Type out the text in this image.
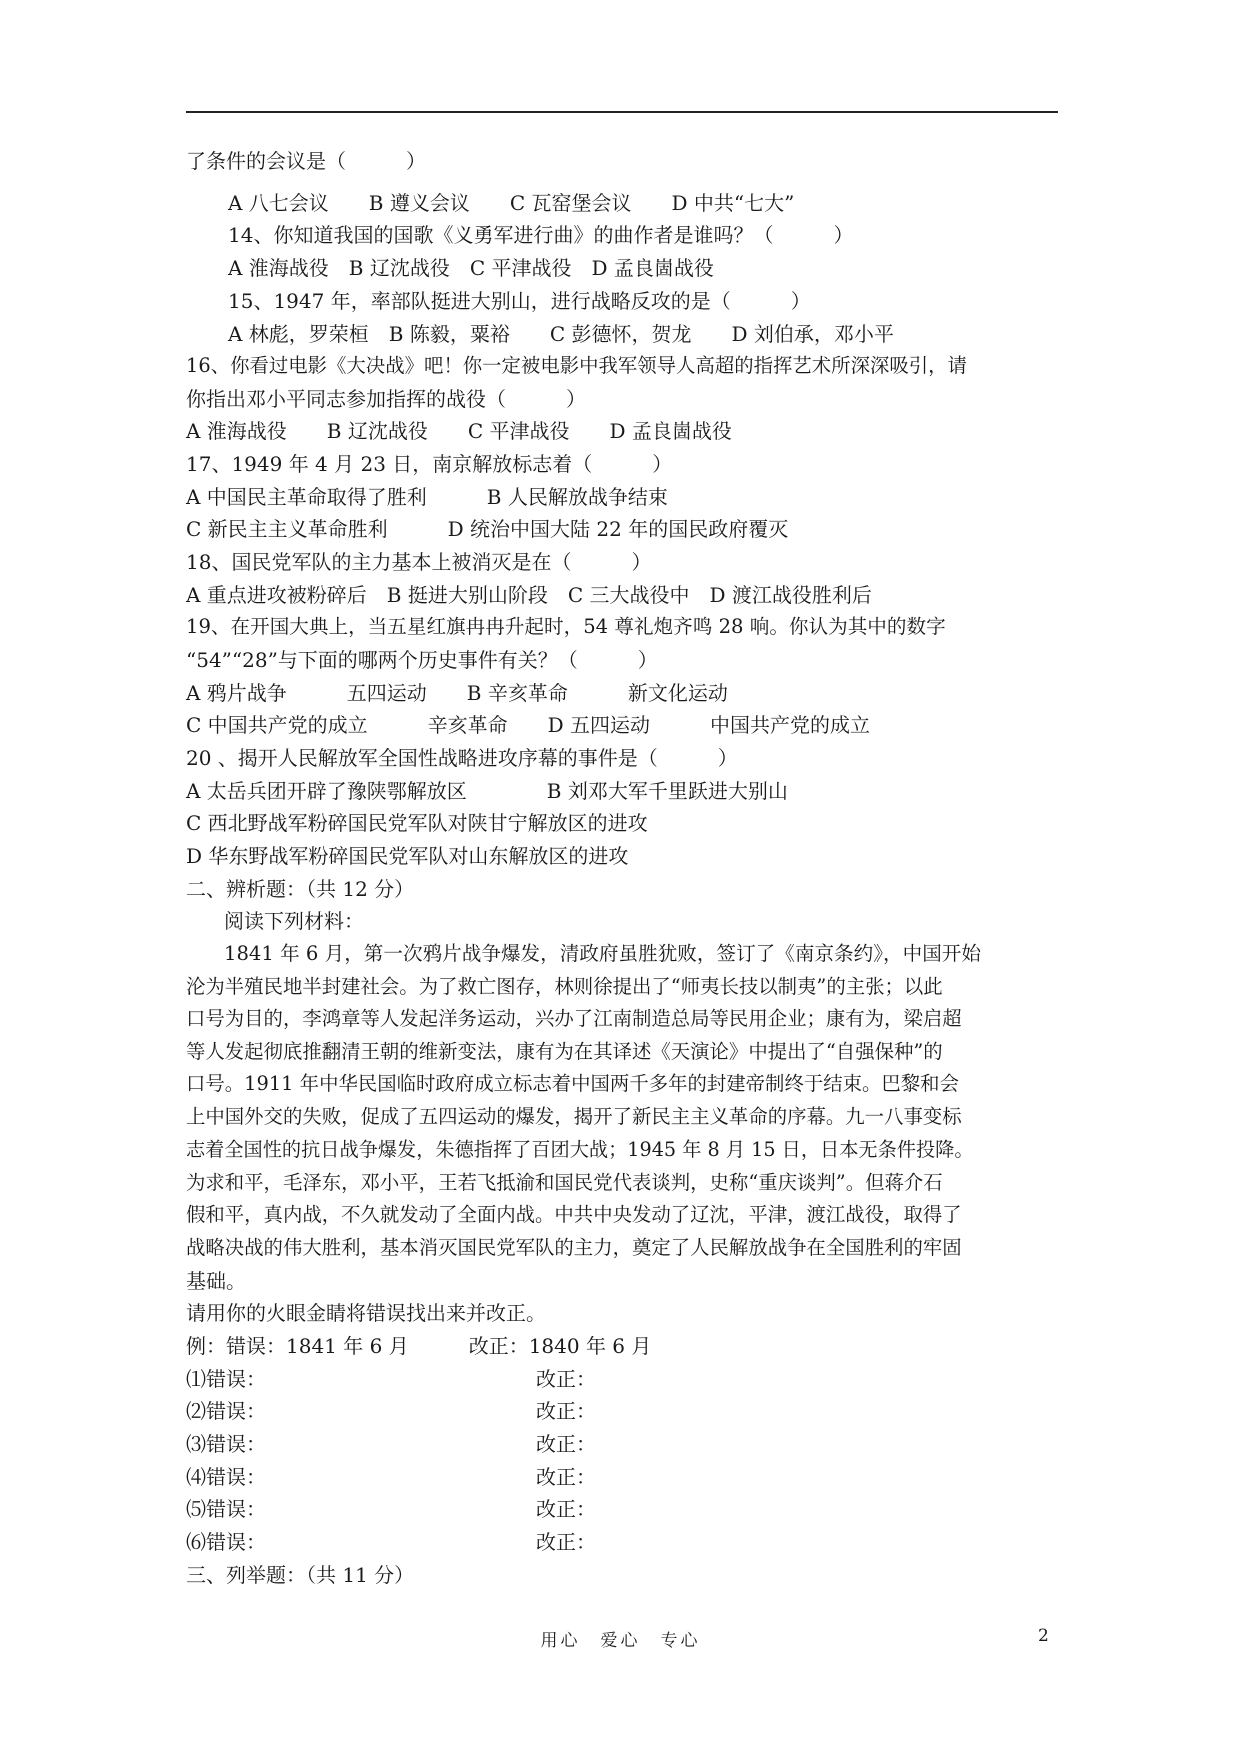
了条件的会议是（　　　）
A 八七会议　　B 遵义会议　　C 瓦窑堡会议　　D 中共“七大”
14、你知道我国的国歌《义勇军进行曲》的曲作者是谁吗？（　　　）
A 淮海战役　B 辽沈战役　C 平津战役　D 孟良崮战役
15、1947 年，率部队挺进大别山，进行战略反攻的是（　　　）
A 林彪，罗荣桓　B 陈毅，粟裕　　C 彭德怀，贺龙　　D 刘伯承，邓小平
16、你看过电影《大决战》吧！你一定被电影中我军领导人高超的指挥艺术所深深吸引，请
你指出邓小平同志参加指挥的战役（　　　）
A 淮海战役　　B 辽沈战役　　C 平津战役　　D 孟良崮战役
17、1949 年 4 月 23 日，南京解放标志着（　　　）
A 中国民主革命取得了胜利　　　B 人民解放战争结束
C 新民主主义革命胜利　　　D 统治中国大陆 22 年的国民政府覆灭
18、国民党军队的主力基本上被消灭是在（　　　）
A 重点进攻被粉碎后　B 挺进大别山阶段　C 三大战役中　D 渡江战役胜利后
19、在开国大典上，当五星红旗冉冉升起时，54 尊礼炮齐鸣 28 响。你认为其中的数字
“54”“28”与下面的哪两个历史事件有关？（　　　）
A 鸦片战争　　　五四运动　　B 辛亥革命　　　新文化运动
C 中国共产党的成立　　　辛亥革命　　D 五四运动　　　中国共产党的成立
20 、揭开人民解放军全国性战略进攻序幕的事件是（　　　）
A 太岳兵团开辟了豫陕鄂解放区　　　　B 刘邓大军千里跃进大别山
C 西北野战军粉碎国民党军队对陕甘宁解放区的进攻
D 华东野战军粉碎国民党军队对山东解放区的进攻
二、辨析题：（共 12 分）
阅读下列材料：
1841 年 6 月，第一次鸦片战争爆发，清政府虽胜犹败，签订了《南京条约》，中国开始
沦为半殖民地半封建社会。为了救亡图存，林则徐提出了“师夷长技以制夷”的主张；以此
口号为目的，李鸿章等人发起洋务运动，兴办了江南制造总局等民用企业；康有为，梁启超
等人发起彻底推翻清王朝的维新变法，康有为在其译述《天演论》中提出了“自强保种”的
口号。1911 年中华民国临时政府成立标志着中国两千多年的封建帝制终于结束。巴黎和会
上中国外交的失败，促成了五四运动的爆发，揭开了新民主主义革命的序幕。九一八事变标
志着全国性的抗日战争爆发，朱德指挥了百团大战；1945 年 8 月 15 日，日本无条件投降。
为求和平，毛泽东，邓小平，王若飞抵渝和国民党代表谈判，史称“重庆谈判”。但蒋介石
假和平，真内战，不久就发动了全面内战。中共中央发动了辽沈，平津，渡江战役，取得了
战略决战的伟大胜利，基本消灭国民党军队的主力，奠定了人民解放战争在全国胜利的牢固
基础。
请用你的火眼金睛将错误找出来并改正。
例：错误：1841 年 6 月　　　改正：1840 年 6 月
⑴错误：　　　　　　　　　　　　　　改正：
⑵错误：　　　　　　　　　　　　　　改正：
⑶错误：　　　　　　　　　　　　　　改正：
⑷错误：　　　　　　　　　　　　　　改正：
⑸错误：　　　　　　　　　　　　　　改正：
⑹错误：　　　　　　　　　　　　　　改正：
三、列举题：（共 11 分）
用心　爱心　专心	2
